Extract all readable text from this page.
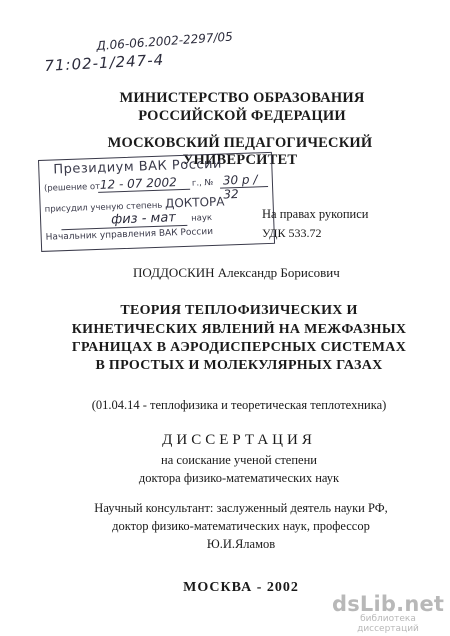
Д.06-06.2002-2297/05
71:02-1/247-4
МИНИСТЕРСТВО ОБРАЗОВАНИЯ
РОССИЙСКОЙ ФЕДЕРАЦИИ
МОСКОВСКИЙ ПЕДАГОГИЧЕСКИЙ
УНИВЕРСИТЕТ
Президиум ВАК России
(решение от 12 - 07 2002 г., № 30 р / 32
присудил ученую степень ДОКТОРА
физ - мат наук
Начальник управления ВАК России
На правах рукописи
УДК 533.72
ПОДДОСКИН Александр Борисович
ТЕОРИЯ ТЕПЛОФИЗИЧЕСКИХ И
КИНЕТИЧЕСКИХ ЯВЛЕНИЙ НА МЕЖФАЗНЫХ
ГРАНИЦАХ В АЭРОДИСПЕРСНЫХ СИСТЕМАХ
В ПРОСТЫХ И МОЛЕКУЛЯРНЫХ ГАЗАХ
(01.04.14 - теплофизика и теоретическая теплотехника)
ДИССЕРТАЦИЯ
на соискание ученой степени
доктора физико-математических наук
Научный консультант: заслуженный деятель науки РФ,
доктор физико-математических наук, профессор
Ю.И.Яламов
МОСКВА - 2002
dsLib.net
библиотека диссертаций
